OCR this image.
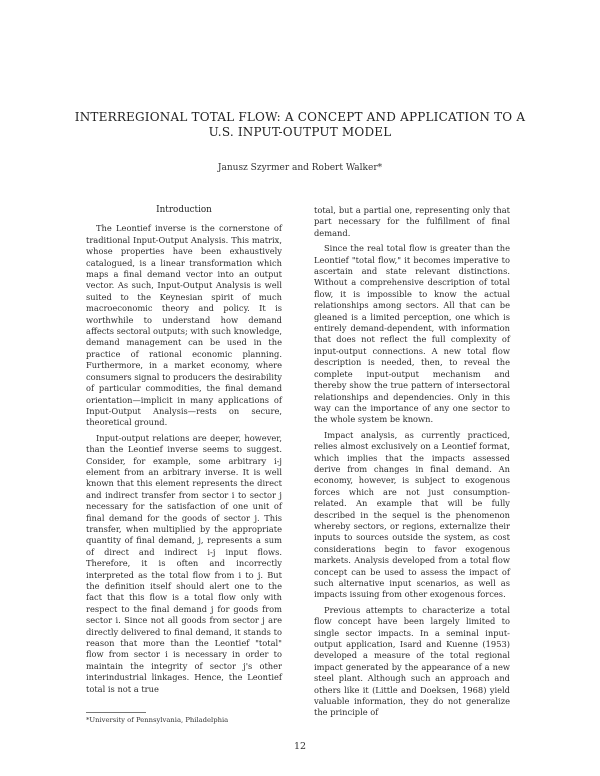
INTERREGIONAL TOTAL FLOW: A CONCEPT AND APPLICATION TO A
U.S. INPUT-OUTPUT MODEL
Janusz Szyrmer and Robert Walker*
Introduction

The Leontief inverse is the cornerstone of traditional Input-Output Analysis. This matrix, whose properties have been exhaustively catalogued, is a linear transformation which maps a final demand vector into an output vector. As such, Input-Output Analysis is well suited to the Keynesian spirit of much macroeconomic theory and policy. It is worthwhile to understand how demand affects sectoral outputs; with such knowledge, demand management can be used in the practice of rational economic planning. Furthermore, in a market economy, where consumers signal to producers the desirability of particular commodities, the final demand orientation—implicit in many applications of Input-Output Analysis—rests on secure, theoretical ground.

Input-output relations are deeper, however, than the Leontief inverse seems to suggest. Consider, for example, some arbitrary i-j element from an arbitrary inverse. It is well known that this element represents the direct and indirect transfer from sector i to sector j necessary for the satisfaction of one unit of final demand for the goods of sector j. This transfer, when multiplied by the appropriate quantity of final demand, j, represents a sum of direct and indirect i-j input flows. Therefore, it is often and incorrectly interpreted as the total flow from i to j. But the definition itself should alert one to the fact that this flow is a total flow only with respect to the final demand j for goods from sector i. Since not all goods from sector j are directly delivered to final demand, it stands to reason that more than the Leontief "total" flow from sector i is necessary in order to maintain the integrity of sector j's other interindustrial linkages. Hence, the Leontief total is not a true

total, but a partial one, representing only that part necessary for the fulfillment of final demand.

Since the real total flow is greater than the Leontief "total flow," it becomes imperative to ascertain and state relevant distinctions. Without a comprehensive description of total flow, it is impossible to know the actual relationships among sectors. All that can be gleaned is a limited perception, one which is entirely demand-dependent, with information that does not reflect the full complexity of input-output connections. A new total flow description is needed, then, to reveal the complete input-output mechanism and thereby show the true pattern of intersectoral relationships and dependencies. Only in this way can the importance of any one sector to the whole system be known.

Impact analysis, as currently practiced, relies almost exclusively on a Leontief format, which implies that the impacts assessed derive from changes in final demand. An economy, however, is subject to exogenous forces which are not just consumption-related. An example that will be fully described in the sequel is the phenomenon whereby sectors, or regions, externalize their inputs to sources outside the system, as cost considerations begin to favor exogenous markets. Analysis developed from a total flow concept can be used to assess the impact of such alternative input scenarios, as well as impacts issuing from other exogenous forces.

Previous attempts to characterize a total flow concept have been largely limited to single sector impacts. In a seminal input-output application, Isard and Kuenne (1953) developed a measure of the total regional impact generated by the appearance of a new steel plant. Although such an approach and others like it (Little and Doeksen, 1968) yield valuable information, they do not generalize the principle of

*University of Pennsylvania, Philadelphia
12
